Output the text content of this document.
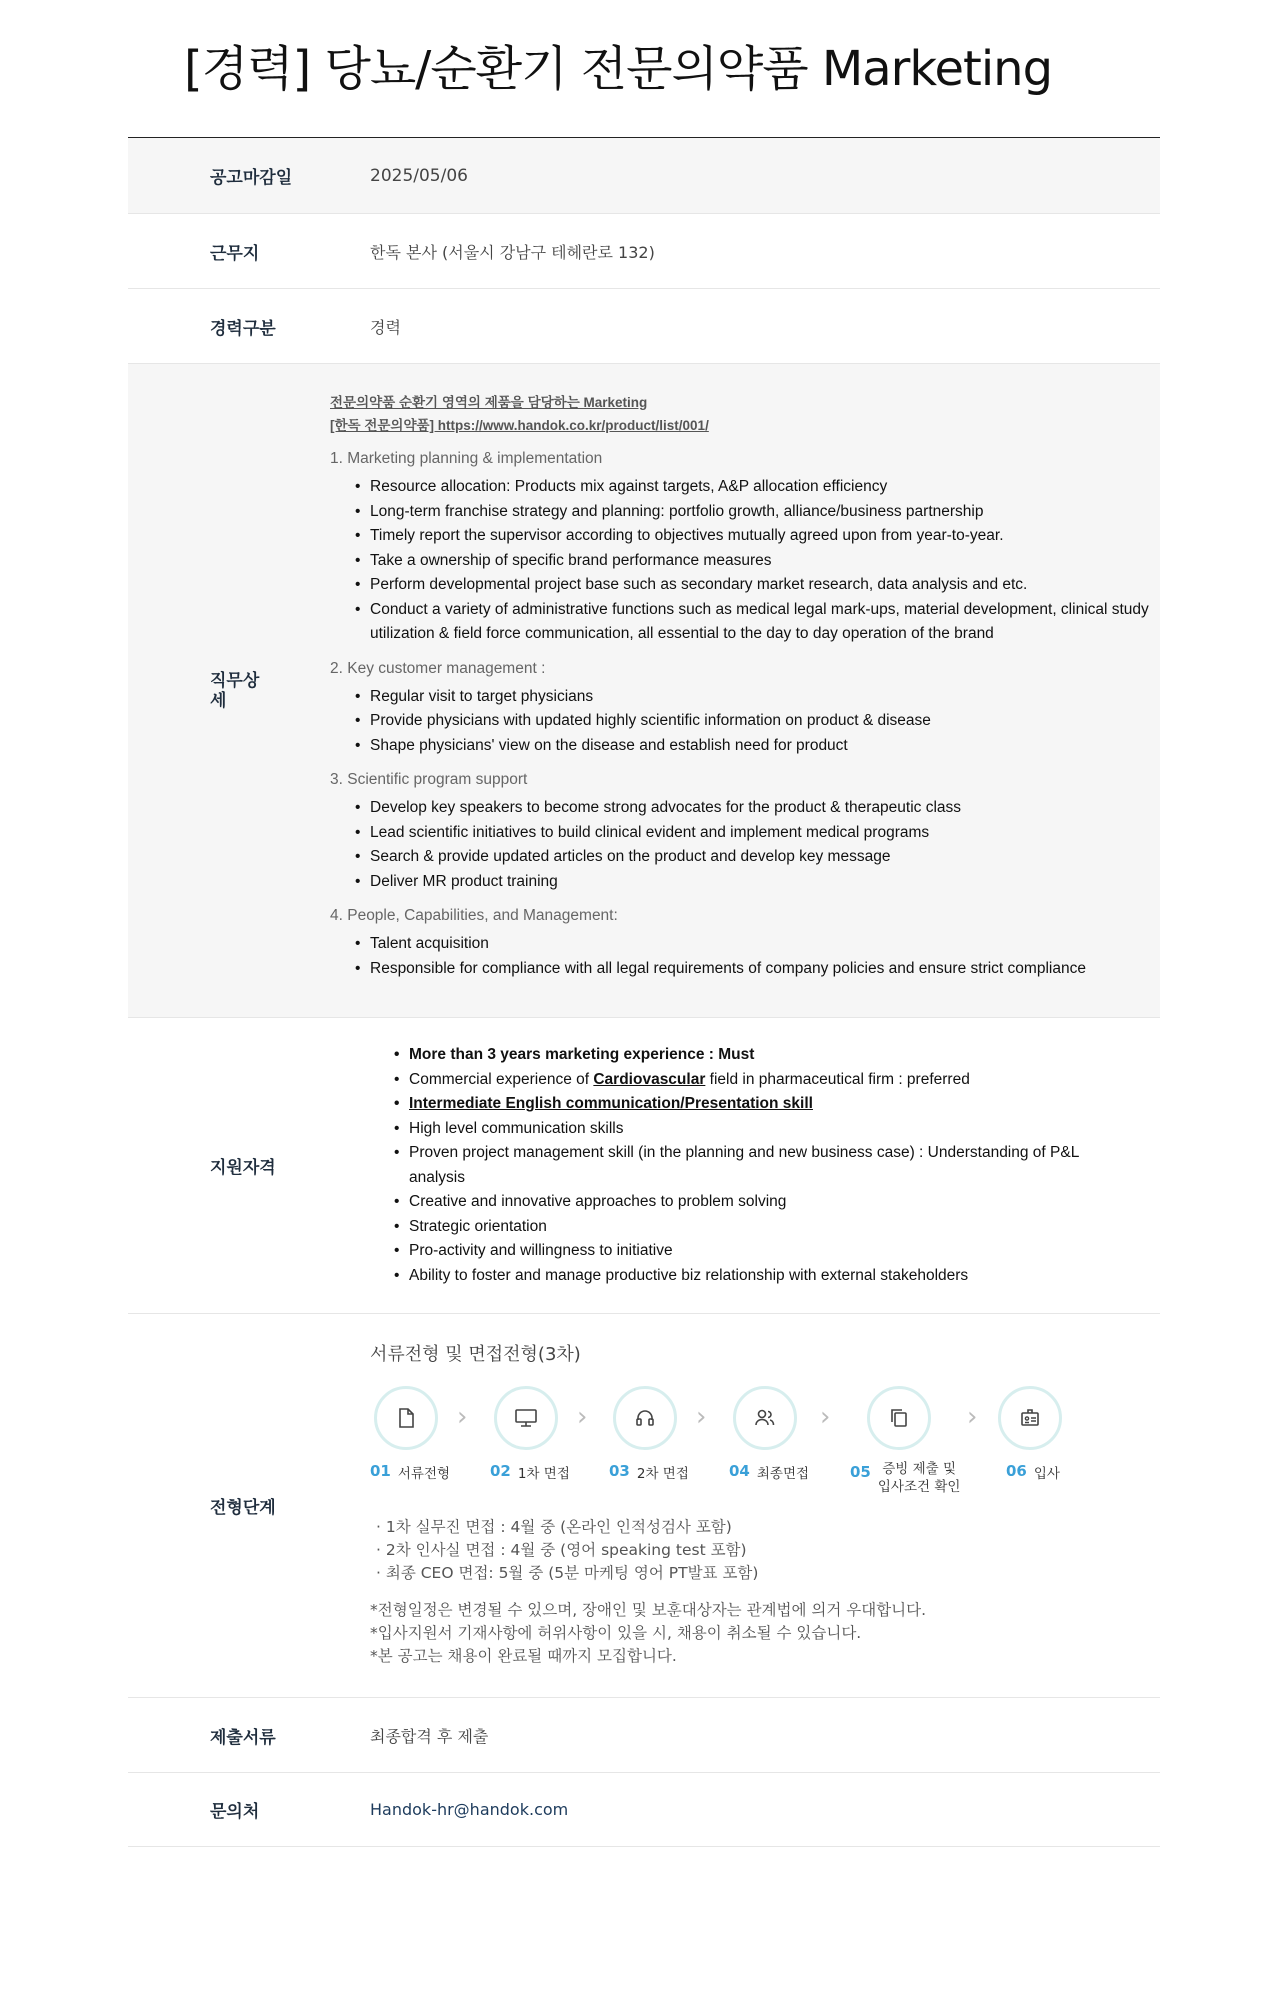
[경력] 당뇨/순환기 전문의약품 Marketing
공고마감일	2025/05/06
근무지	한독 본사 (서울시 강남구 테헤란로 132)
경력구분	경력
직무상세
전문의약품 순환기 영역의 제품을 담당하는 Marketing
[한독 전문의약품] https://www.handok.co.kr/product/list/001/
1. Marketing planning & implementation
• Resource allocation: Products mix against targets, A&P allocation efficiency
• Long-term franchise strategy and planning: portfolio growth, alliance/business partnership
• Timely report the supervisor according to objectives mutually agreed upon from year-to-year.
• Take a ownership of specific brand performance measures
• Perform developmental project base such as secondary market research, data analysis and etc.
• Conduct a variety of administrative functions such as medical legal mark-ups, material development, clinical study utilization & field force communication, all essential to the day to day operation of the brand
2. Key customer management :
• Regular visit to target physicians
• Provide physicians with updated highly scientific information on product & disease
• Shape physicians' view on the disease and establish need for product
3. Scientific program support
• Develop key speakers to become strong advocates for the product & therapeutic class
• Lead scientific initiatives to build clinical evident and implement medical programs
• Search & provide updated articles on the product and develop key message
• Deliver MR product training
4. People, Capabilities, and Management:
• Talent acquisition
• Responsible for compliance with all legal requirements of company policies and ensure strict compliance
지원자격
• More than 3 years marketing experience : Must
• Commercial experience of Cardiovascular field in pharmaceutical firm : preferred
• Intermediate English communication/Presentation skill
• High level communication skills
• Proven project management skill (in the planning and new business case) : Understanding of P&L analysis
• Creative and innovative approaches to problem solving
• Strategic orientation
• Pro-activity and willingness to initiative
• Ability to foster and manage productive biz relationship with external stakeholders
전형단계
서류전형 및 면접전형(3차)
01 서류전형
›
02 1차 면접
›
03 2차 면접
›
04 최종면접
›
05 증빙 제출 및
입사조건 확인
›
06 입사
· 1차 실무진 면접 : 4월 중 (온라인 인적성검사 포함)
· 2차 인사실 면접 : 4월 중 (영어 speaking test 포함)
· 최종 CEO 면접: 5월 중 (5분 마케팅 영어 PT발표 포함)
*전형일정은 변경될 수 있으며, 장애인 및 보훈대상자는 관계법에 의거 우대합니다.
*입사지원서 기재사항에 허위사항이 있을 시, 채용이 취소될 수 있습니다.
*본 공고는 채용이 완료될 때까지 모집합니다.
제출서류	최종합격 후 제출
문의처	Handok-hr@handok.com
